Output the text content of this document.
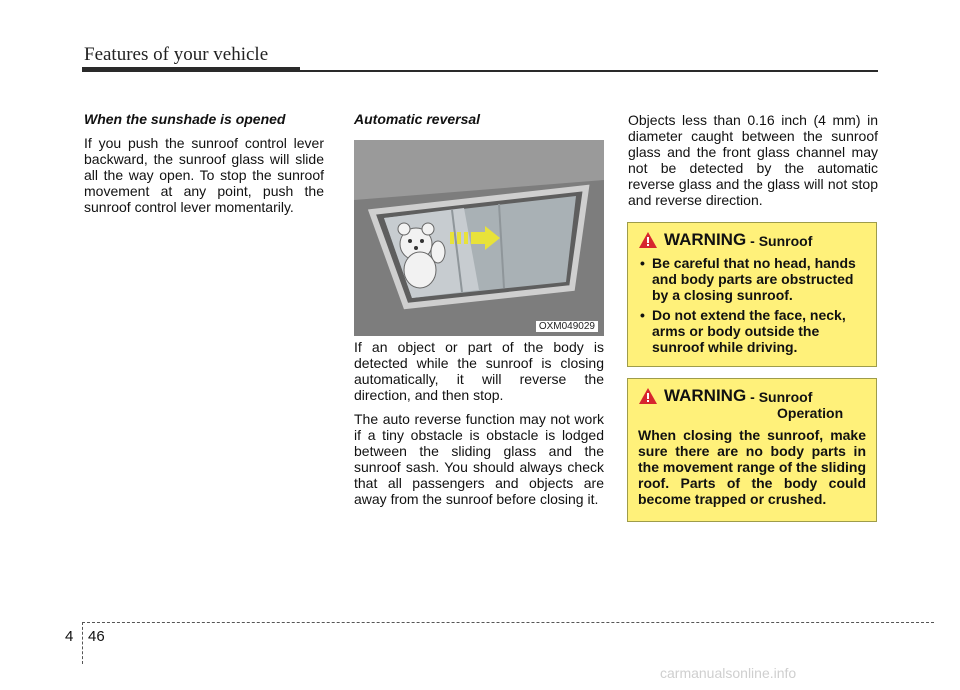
Features of your vehicle
When the sunshade is opened

If you push the sunroof control lever backward, the sunroof glass will slide all the way open. To stop the sunroof movement at any point, push the sunroof control lever momentarily.

Automatic reversal

If an object or part of the body is detected while the sunroof is closing automatically, it will reverse the direction, and then stop.

The auto reverse function may not work if a tiny obstacle is obstacle is lodged between the sliding glass and the sunroof sash. You should always check that all passengers and objects are away from the sunroof before closing it.

OXM049029

Objects less than 0.16 inch (4 mm) in diameter caught between the sunroof glass and the front glass channel may not be detected by the automatic reverse glass and the glass will not stop and reverse direction.

WARNING - Sunroof
• Be careful that no head, hands and body parts are obstructed by a closing sunroof.
• Do not extend the face, neck, arms or body outside the sunroof while driving.
WARNING - Sunroof
Operation
When closing the sunroof, make sure there are no body parts in the movement range of the sliding roof. Parts of the body could become trapped or crushed.
4 46
carmanualsonline.info
